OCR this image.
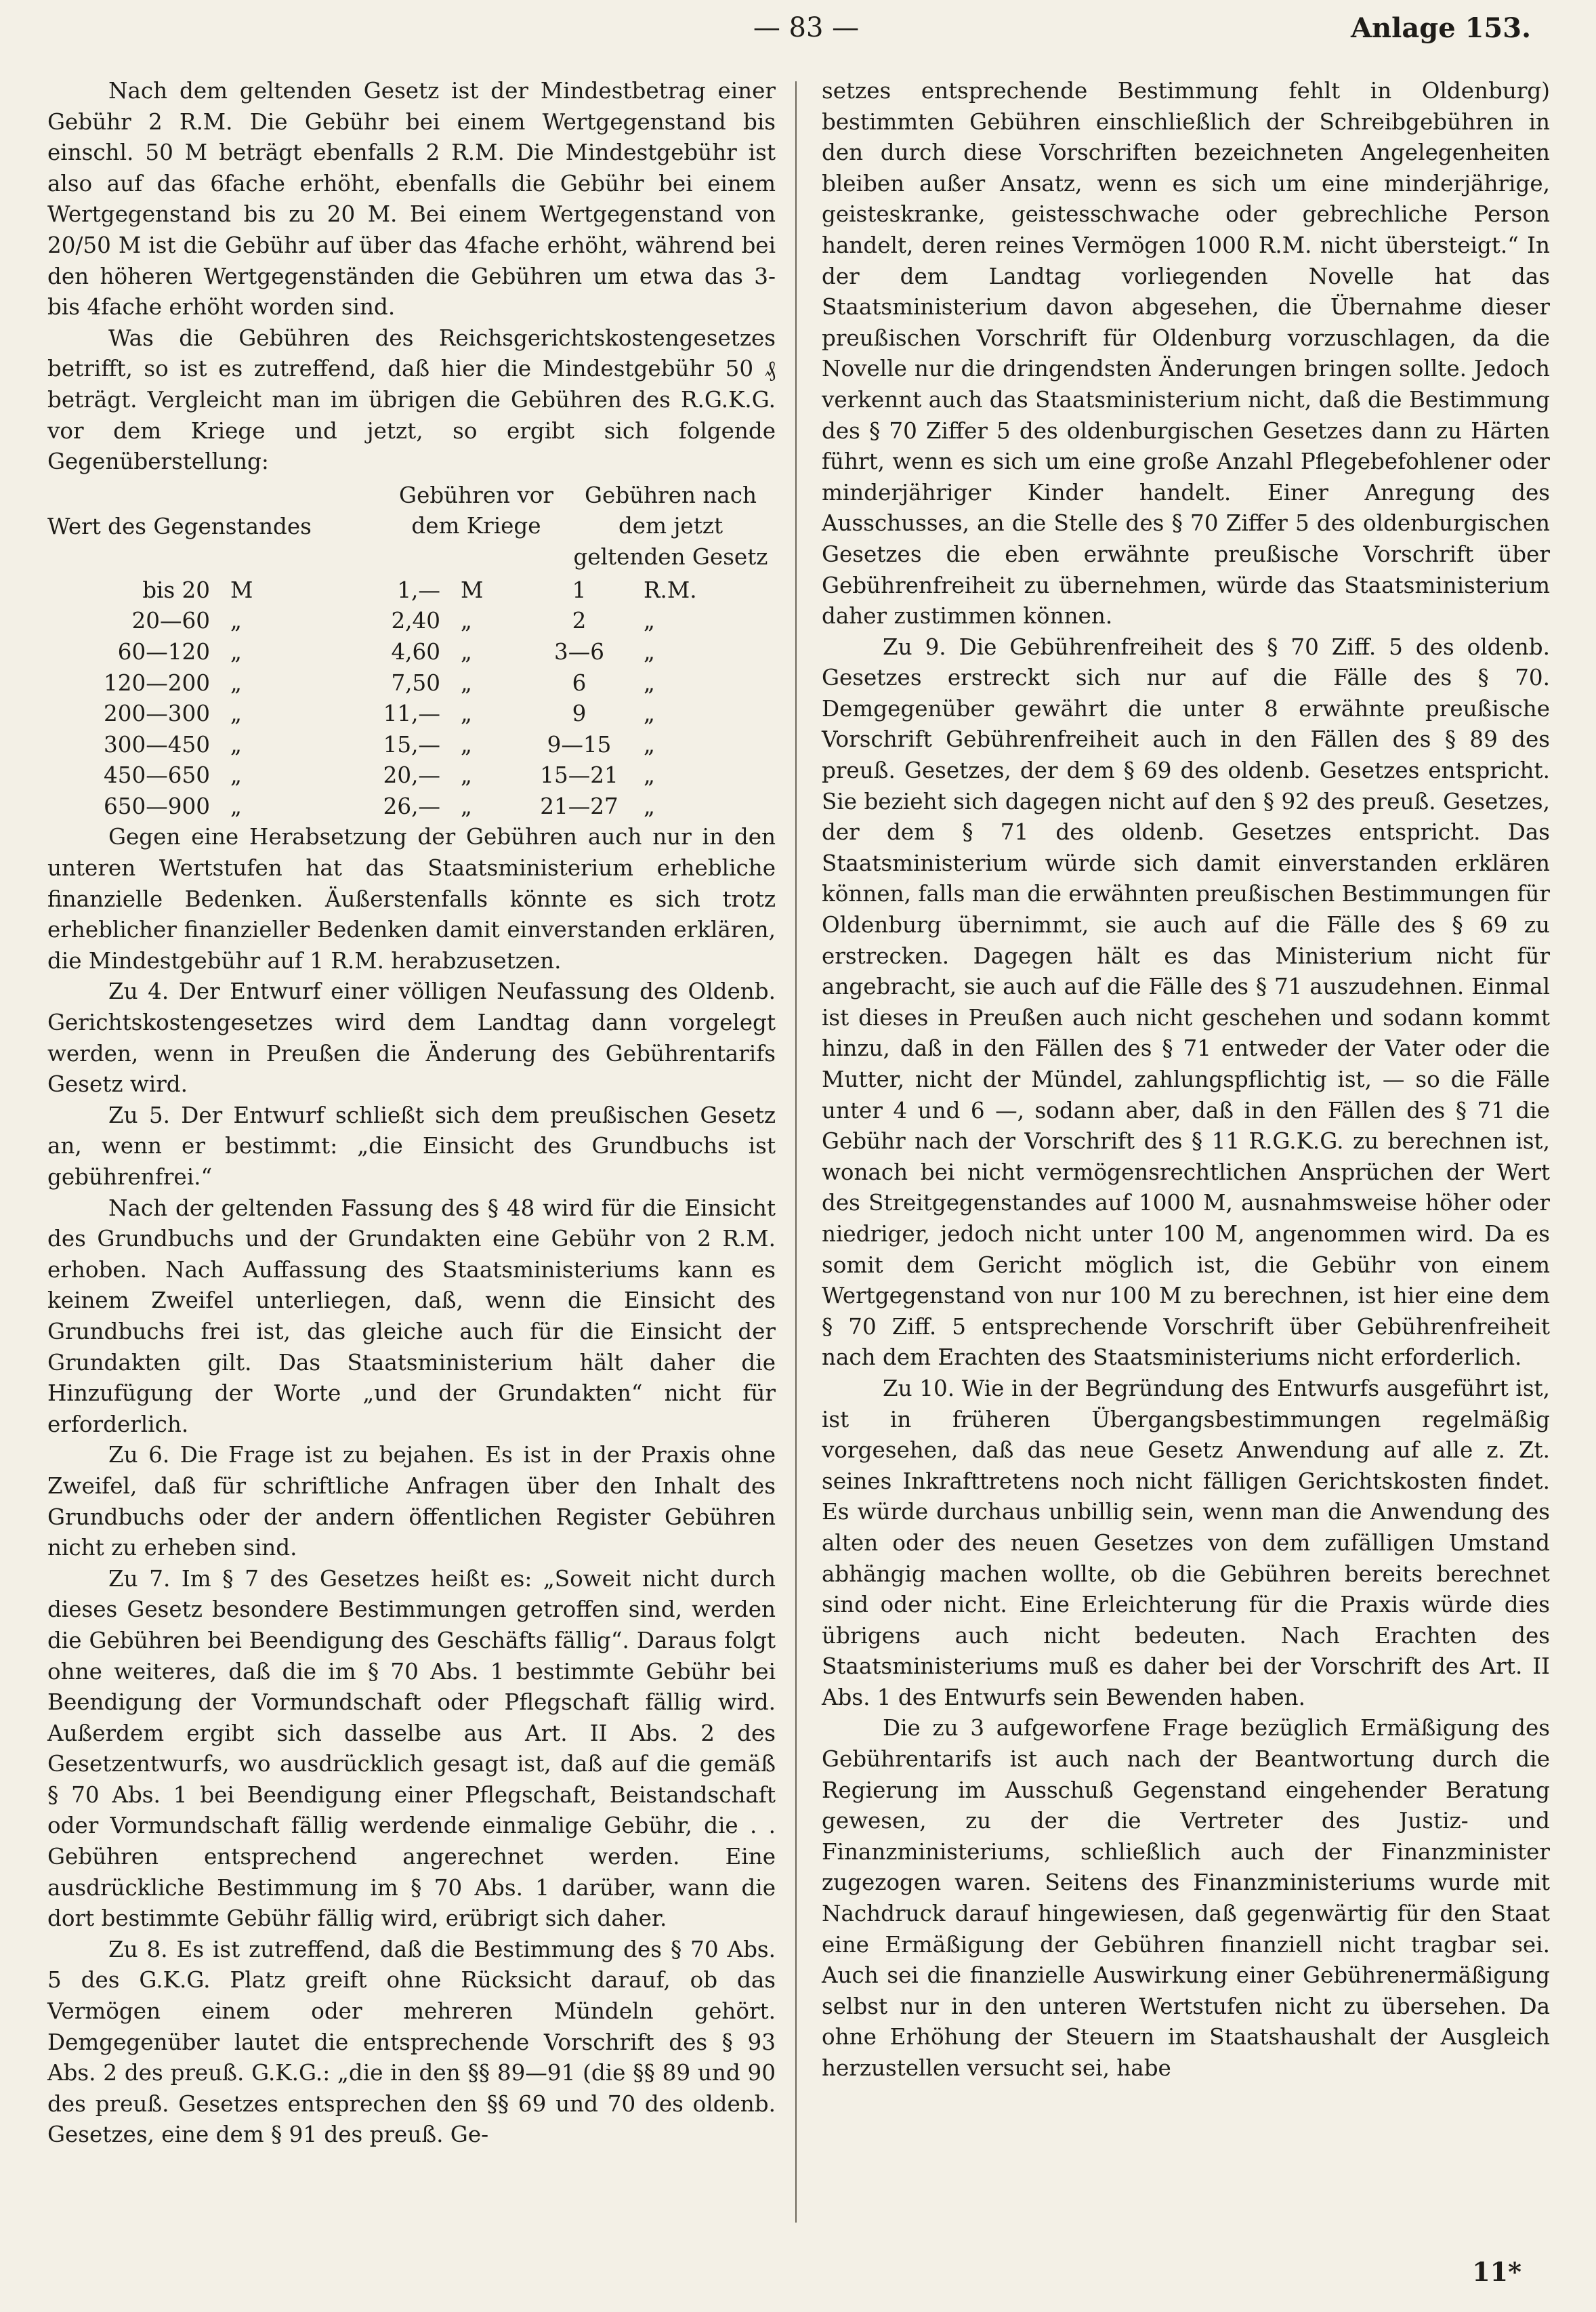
— 83 —	Anlage 153.

Nach dem geltenden Gesetz ist der Mindestbetrag einer Gebühr 2 R.M. Die Gebühr bei einem Wertgegenstand bis einschl. 50 M beträgt ebenfalls 2 R.M. Die Mindestgebühr ist also auf das 6fache erhöht, ebenfalls die Gebühr bei einem Wertgegenstand bis zu 20 M. Bei einem Wertgegenstand von 20/50 M ist die Gebühr auf über das 4fache erhöht, während bei den höheren Wertgegenständen die Gebühren um etwa das 3- bis 4fache erhöht worden sind.

Was die Gebühren des Reichsgerichtskostengesetzes betrifft, so ist es zutreffend, daß hier die Mindestgebühr 50 ₰ beträgt. Vergleicht man im übrigen die Gebühren des R.G.K.G. vor dem Kriege und jetzt, so ergibt sich folgende Gegenüberstellung:

Gebühren vor dem Kriege
Gebühren nach dem jetzt geltenden Gesetz
Wert des Gegenstandes
bis 20	M	1,—	M	1	R.M.
20—60	„	2,40	„	2	„
60—120	„	4,60	„	3—6	„
120—200	„	7,50	„	6	„
200—300	„	11,—	„	9	„
300—450	„	15,—	„	9—15	„
450—650	„	20,—	„	15—21	„
650—900	„	26,—	„	21—27	„

Gegen eine Herabsetzung der Gebühren auch nur in den unteren Wertstufen hat das Staatsministerium erhebliche finanzielle Bedenken. Äußerstenfalls könnte es sich trotz erheblicher finanzieller Bedenken damit einverstanden erklären, die Mindestgebühr auf 1 R.M. herabzusetzen.

Zu 4. Der Entwurf einer völligen Neufassung des Oldenb. Gerichtskostengesetzes wird dem Landtag dann vorgelegt werden, wenn in Preußen die Änderung des Gebührentarifs Gesetz wird.

Zu 5. Der Entwurf schließt sich dem preußischen Gesetz an, wenn er bestimmt: „die Einsicht des Grundbuchs ist gebührenfrei.“

Nach der geltenden Fassung des § 48 wird für die Einsicht des Grundbuchs und der Grundakten eine Gebühr von 2 R.M. erhoben. Nach Auffassung des Staatsministeriums kann es keinem Zweifel unterliegen, daß, wenn die Einsicht des Grundbuchs frei ist, das gleiche auch für die Einsicht der Grundakten gilt. Das Staatsministerium hält daher die Hinzufügung der Worte „und der Grundakten“ nicht für erforderlich.

Zu 6. Die Frage ist zu bejahen. Es ist in der Praxis ohne Zweifel, daß für schriftliche Anfragen über den Inhalt des Grundbuchs oder der andern öffentlichen Register Gebühren nicht zu erheben sind.

Zu 7. Im § 7 des Gesetzes heißt es: „Soweit nicht durch dieses Gesetz besondere Bestimmungen getroffen sind, werden die Gebühren bei Beendigung des Geschäfts fällig“. Daraus folgt ohne weiteres, daß die im § 70 Abs. 1 bestimmte Gebühr bei Beendigung der Vormundschaft oder Pflegschaft fällig wird. Außerdem ergibt sich dasselbe aus Art. II Abs. 2 des Gesetzentwurfs, wo ausdrücklich gesagt ist, daß auf die gemäß § 70 Abs. 1 bei Beendigung einer Pflegschaft, Beistandschaft oder Vormundschaft fällig werdende einmalige Gebühr, die . . Gebühren entsprechend angerechnet werden. Eine ausdrückliche Bestimmung im § 70 Abs. 1 darüber, wann die dort bestimmte Gebühr fällig wird, erübrigt sich daher.

Zu 8. Es ist zutreffend, daß die Bestimmung des § 70 Abs. 5 des G.K.G. Platz greift ohne Rücksicht darauf, ob das Vermögen einem oder mehreren Mündeln gehört. Demgegenüber lautet die entsprechende Vorschrift des § 93 Abs. 2 des preuß. G.K.G.: „die in den §§ 89—91 (die §§ 89 und 90 des preuß. Gesetzes entsprechen den §§ 69 und 70 des oldenb. Gesetzes, eine dem § 91 des preuß. Ge-

setzes entsprechende Bestimmung fehlt in Oldenburg) bestimmten Gebühren einschließlich der Schreibgebühren in den durch diese Vorschriften bezeichneten Angelegenheiten bleiben außer Ansatz, wenn es sich um eine minderjährige, geisteskranke, geistesschwache oder gebrechliche Person handelt, deren reines Vermögen 1000 R.M. nicht übersteigt.“ In der dem Landtag vorliegenden Novelle hat das Staatsministerium davon abgesehen, die Übernahme dieser preußischen Vorschrift für Oldenburg vorzuschlagen, da die Novelle nur die dringendsten Änderungen bringen sollte. Jedoch verkennt auch das Staatsministerium nicht, daß die Bestimmung des § 70 Ziffer 5 des oldenburgischen Gesetzes dann zu Härten führt, wenn es sich um eine große Anzahl Pflegebefohlener oder minderjähriger Kinder handelt. Einer Anregung des Ausschusses, an die Stelle des § 70 Ziffer 5 des oldenburgischen Gesetzes die eben erwähnte preußische Vorschrift über Gebührenfreiheit zu übernehmen, würde das Staatsministerium daher zustimmen können.

Zu 9. Die Gebührenfreiheit des § 70 Ziff. 5 des oldenb. Gesetzes erstreckt sich nur auf die Fälle des § 70. Demgegenüber gewährt die unter 8 erwähnte preußische Vorschrift Gebührenfreiheit auch in den Fällen des § 89 des preuß. Gesetzes, der dem § 69 des oldenb. Gesetzes entspricht. Sie bezieht sich dagegen nicht auf den § 92 des preuß. Gesetzes, der dem § 71 des oldenb. Gesetzes entspricht. Das Staatsministerium würde sich damit einverstanden erklären können, falls man die erwähnten preußischen Bestimmungen für Oldenburg übernimmt, sie auch auf die Fälle des § 69 zu erstrecken. Dagegen hält es das Ministerium nicht für angebracht, sie auch auf die Fälle des § 71 auszudehnen. Einmal ist dieses in Preußen auch nicht geschehen und sodann kommt hinzu, daß in den Fällen des § 71 entweder der Vater oder die Mutter, nicht der Mündel, zahlungspflichtig ist, — so die Fälle unter 4 und 6 —, sodann aber, daß in den Fällen des § 71 die Gebühr nach der Vorschrift des § 11 R.G.K.G. zu berechnen ist, wonach bei nicht vermögensrechtlichen Ansprüchen der Wert des Streitgegenstandes auf 1000 M, ausnahmsweise höher oder niedriger, jedoch nicht unter 100 M, angenommen wird. Da es somit dem Gericht möglich ist, die Gebühr von einem Wertgegenstand von nur 100 M zu berechnen, ist hier eine dem § 70 Ziff. 5 entsprechende Vorschrift über Gebührenfreiheit nach dem Erachten des Staatsministeriums nicht erforderlich.

Zu 10. Wie in der Begründung des Entwurfs ausgeführt ist, ist in früheren Übergangsbestimmungen regelmäßig vorgesehen, daß das neue Gesetz Anwendung auf alle z. Zt. seines Inkrafttretens noch nicht fälligen Gerichtskosten findet. Es würde durchaus unbillig sein, wenn man die Anwendung des alten oder des neuen Gesetzes von dem zufälligen Umstand abhängig machen wollte, ob die Gebühren bereits berechnet sind oder nicht. Eine Erleichterung für die Praxis würde dies übrigens auch nicht bedeuten. Nach Erachten des Staatsministeriums muß es daher bei der Vorschrift des Art. II Abs. 1 des Entwurfs sein Bewenden haben.

Die zu 3 aufgeworfene Frage bezüglich Ermäßigung des Gebührentarifs ist auch nach der Beantwortung durch die Regierung im Ausschuß Gegenstand eingehender Beratung gewesen, zu der die Vertreter des Justiz- und Finanzministeriums, schließlich auch der Finanzminister zugezogen waren. Seitens des Finanzministeriums wurde mit Nachdruck darauf hingewiesen, daß gegenwärtig für den Staat eine Ermäßigung der Gebühren finanziell nicht tragbar sei. Auch sei die finanzielle Auswirkung einer Gebührenermäßigung selbst nur in den unteren Wertstufen nicht zu übersehen. Da ohne Erhöhung der Steuern im Staatshaushalt der Ausgleich herzustellen versucht sei, habe

11*
